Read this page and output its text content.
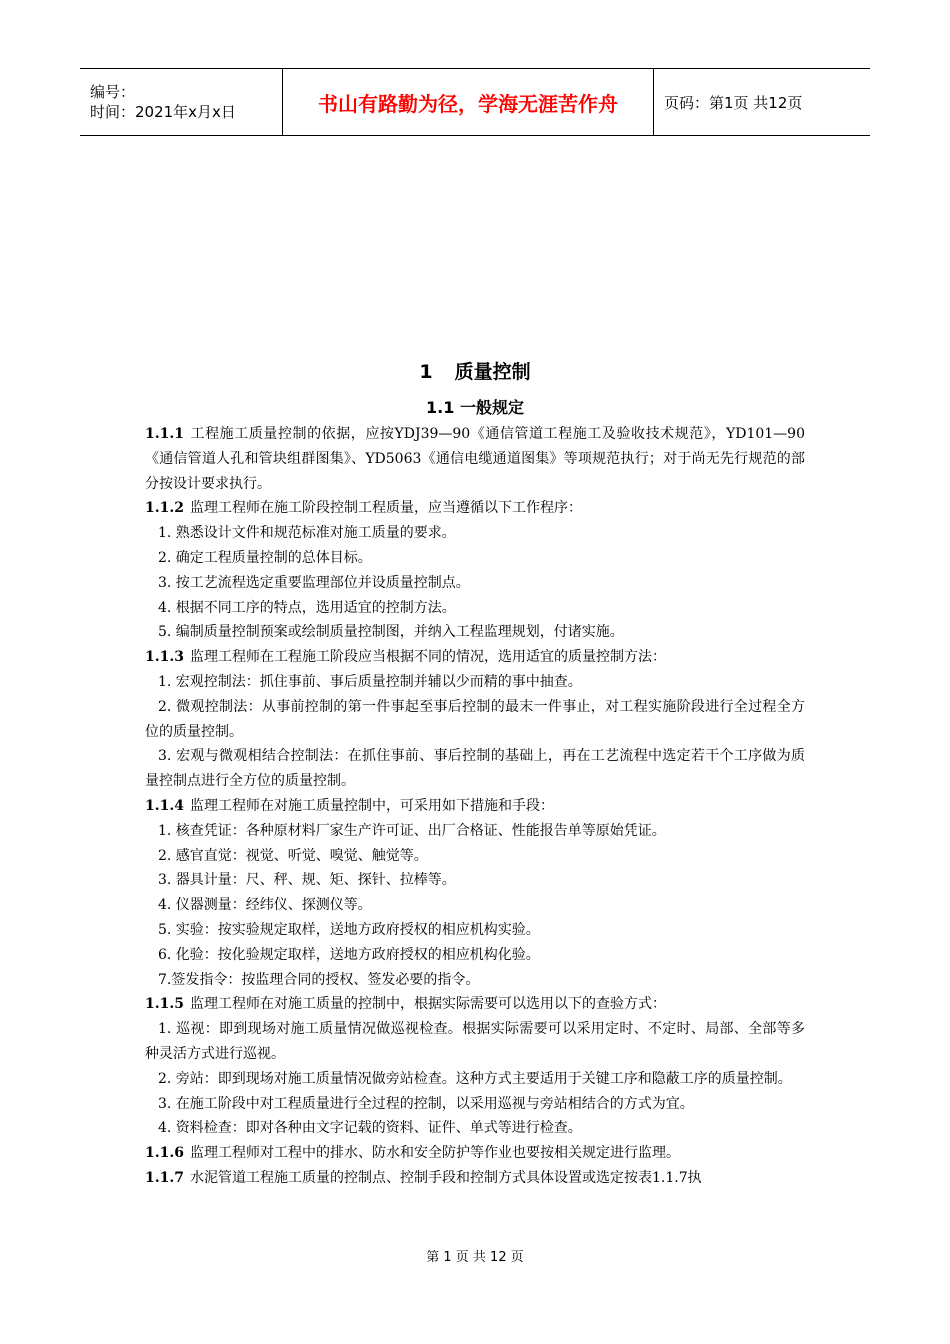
编号：
时间：2021年x月x日	书山有路勤为径，学海无涯苦作舟	页码：第1页 共12页
1 质量控制
1.1 一般规定

1.1.1 工程施工质量控制的依据，应按YDJ39—90《通信管道工程施工及验收技术规范》，YD101—90《通信管道人孔和管块组群图集》、YD5063《通信电缆通道图集》等项规范执行；对于尚无先行规范的部分按设计要求执行。

1.1.2 监理工程师在施工阶段控制工程质量，应当遵循以下工作程序：

1. 熟悉设计文件和规范标准对施工质量的要求。

2. 确定工程质量控制的总体目标。

3. 按工艺流程选定重要监理部位并设质量控制点。

4. 根据不同工序的特点，选用适宜的控制方法。

5. 编制质量控制预案或绘制质量控制图，并纳入工程监理规划，付诸实施。

1.1.3 监理工程师在工程施工阶段应当根据不同的情况，选用适宜的质量控制方法：

1. 宏观控制法：抓住事前、事后质量控制并辅以少而精的事中抽查。

2. 微观控制法：从事前控制的第一件事起至事后控制的最末一件事止，对工程实施阶段进行全过程全方位的质量控制。

3. 宏观与微观相结合控制法：在抓住事前、事后控制的基础上，再在工艺流程中选定若干个工序做为质量控制点进行全方位的质量控制。

1.1.4 监理工程师在对施工质量控制中，可采用如下措施和手段：

1. 核查凭证：各种原材料厂家生产许可证、出厂合格证、性能报告单等原始凭证。

2. 感官直觉：视觉、听觉、嗅觉、触觉等。

3. 器具计量：尺、秤、规、矩、探针、拉棒等。

4. 仪器测量：经纬仪、探测仪等。

5. 实验：按实验规定取样，送地方政府授权的相应机构实验。

6. 化验：按化验规定取样，送地方政府授权的相应机构化验。

7.签发指令：按监理合同的授权、签发必要的指令。

1.1.5 监理工程师在对施工质量的控制中，根据实际需要可以选用以下的查验方式：

1. 巡视：即到现场对施工质量情况做巡视检查。根据实际需要可以采用定时、不定时、局部、全部等多种灵活方式进行巡视。

2. 旁站：即到现场对施工质量情况做旁站检查。这种方式主要适用于关键工序和隐蔽工序的质量控制。

3. 在施工阶段中对工程质量进行全过程的控制，以采用巡视与旁站相结合的方式为宜。

4. 资料检查：即对各种由文字记载的资料、证件、单式等进行检查。

1.1.6 监理工程师对工程中的排水、防水和安全防护等作业也要按相关规定进行监理。

1.1.7 水泥管道工程施工质量的控制点、控制手段和控制方式具体设置或选定按表1.1.7执

第 1 页 共 12 页
